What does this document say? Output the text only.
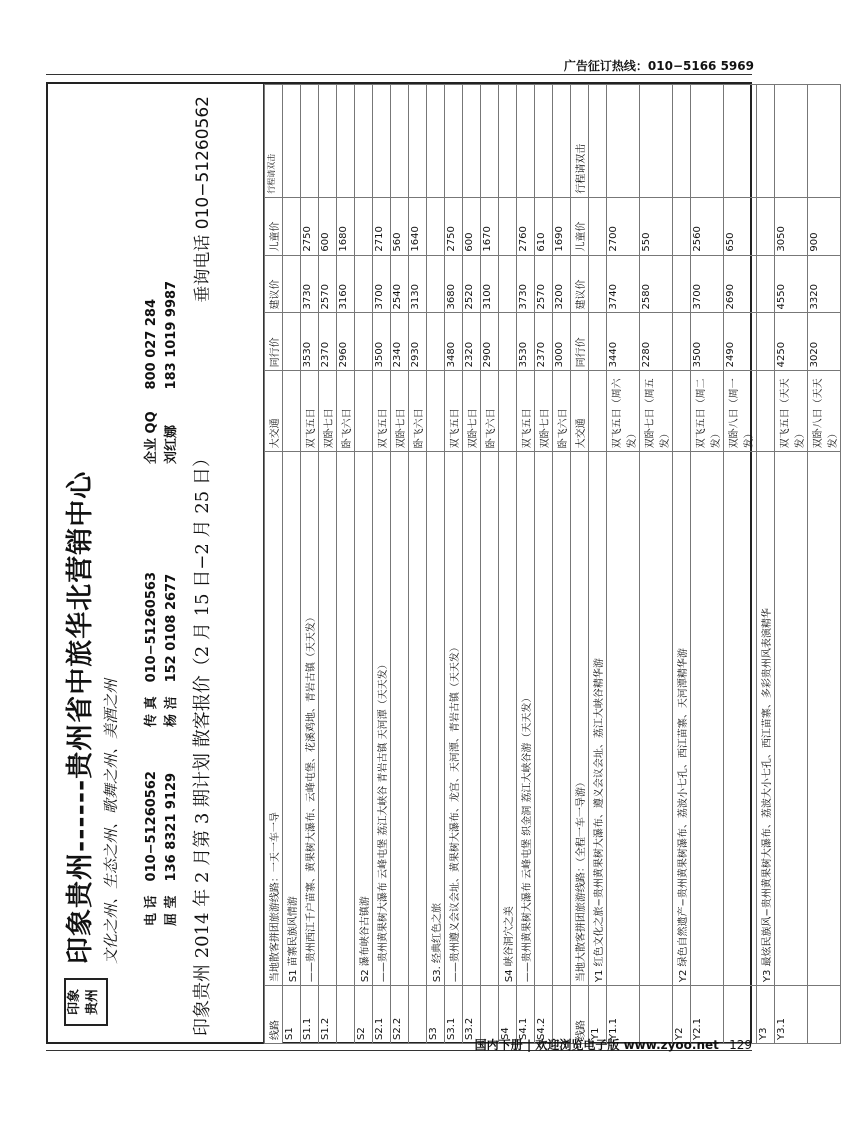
广告征订热线：010−5166 5969
印象 贵州
印象贵州------贵州省中旅华北营销中心 文化之州、生态之州、歌舞之州、美酒之州	电 话 010−51260562 传 真 010−51260563
屈 莹 136 8321 9129 杨 洁 152 0108 2677
企业 QQ 800 027 284
刘红娜 183 1019 9987
印象贵州 2014 年 2 月第 3 期计划 散客报价（2 月 15 日−2 月 25 日）
垂询电话 010−51260562
线路	当地散客拼团旅游线路：一天一车一导	大交通	同行价	建议价	儿童价	行程请双击
S1	S1 苗寨民族风情游					
S1.1	——贵州西江千户苗寨、黄果树大瀑布、云峰屯堡、花溪鸡地、青岩古镇（天天发）	双飞五日	3530	3730	2750	
S1.2		双卧七日	2370	2570	600	
		卧飞六日	2960	3160	1680	
S2	S2 瀑布峡谷古镇游					
S2.1	——贵州黄果树大瀑布 云峰屯堡 荔江大峡谷 青岩古镇 天河潭（天天发）	双飞五日	3500	3700	2710	
S2.2		双卧七日	2340	2540	560	
		卧飞六日	2930	3130	1640	
S3	S3. 经典红色之旅					
S3.1	——贵州遵义会议会址、黄果树大瀑布、龙宫、天河潭、青岩古镇（天天发）	双飞五日	3480	3680	2750	
S3.2		双卧七日	2320	2520	600	
		卧飞六日	2900	3100	1670	
S4	S4 峡谷洞穴之美					
S4.1	——贵州黄果树大瀑布 云峰屯堡 织金洞 荔江大峡谷游（天天发）	双飞五日	3530	3730	2760	
S4.2		双卧七日	2370	2570	610	
		卧飞六日	3000	3200	1690	
线路	当地大散客拼团旅游线路：（全程一车一导游）	大交通	同行价	建议价	儿童价	行程请双击
Y1	Y1 红色文化之旅−贵州黄果树大瀑布、遵义会议会址、荔江大峡谷精华游					
Y1.1		双飞五日（周六发）	3440	3740	2700	
		双卧七日（周五发）	2280	2580	550	
Y2	Y2 绿色自然遗产−贵州黄果树瀑布、荔波小七孔、西江苗寨、天河潭精华游					
Y2.1		双飞五日（周二发）	3500	3700	2560	
		双卧八日（周一发）	2490	2690	650	
Y3	Y3 最炫民族风−贵州黄果树大瀑布、荔波大小七孔、西江苗寨、多彩贵州风表演精华					
Y3.1		双飞五日（天天发）	4250	4550	3050	
		双卧八日（天天发）	3020	3320	900	
国内下册 | 欢迎浏览电子版 www.zyoo.net 129
